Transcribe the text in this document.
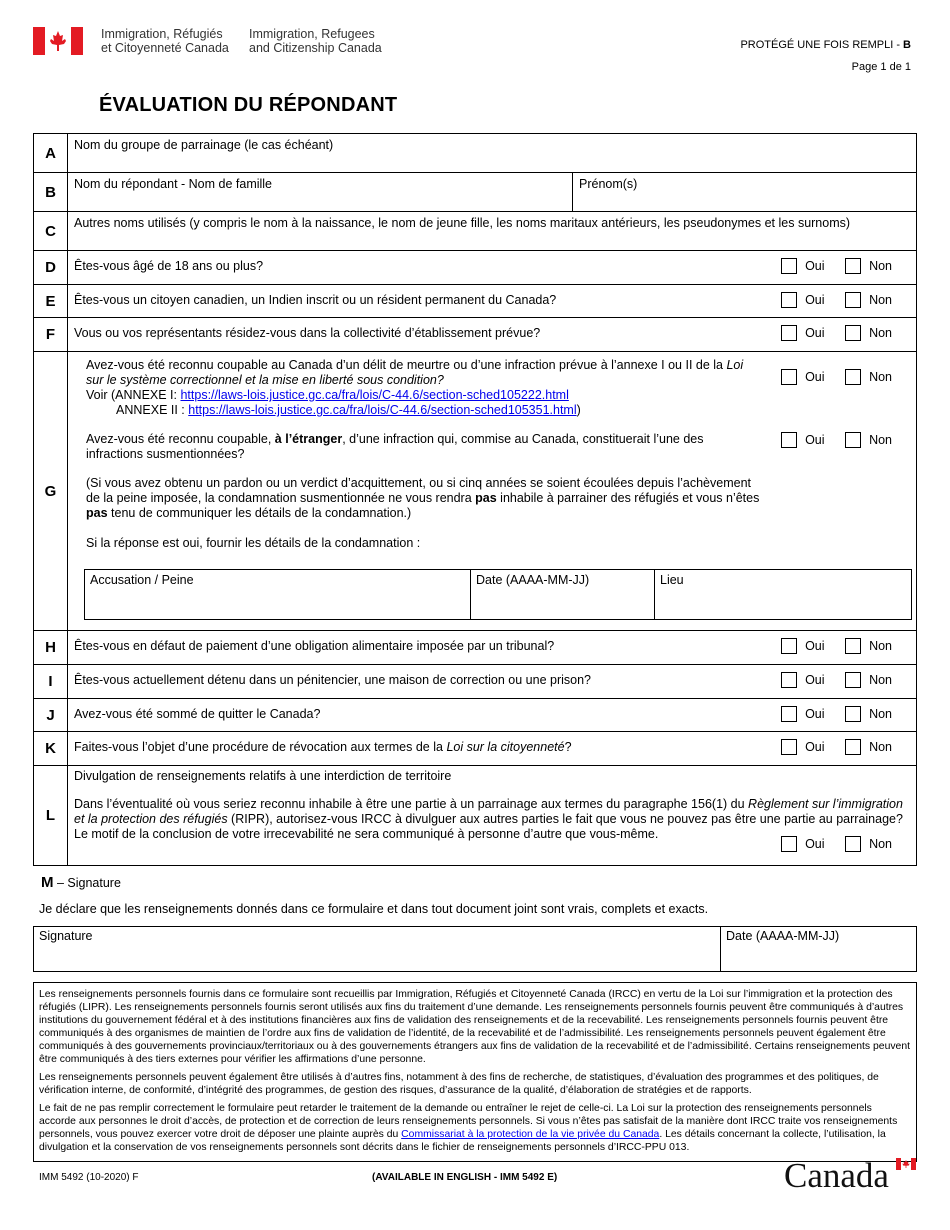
Immigration, Réfugiés
et Citoyenneté Canada
Immigration, Refugees
and Citizenship Canada	PROTÉGÉ UNE FOIS REMPLI - B
Page 1 de 1
ÉVALUATION DU RÉPONDANT
A	Nom du groupe de parrainage (le cas échéant)
B	Nom du répondant - Nom de famille	Prénom(s)
C	Autres noms utilisés (y compris le nom à la naissance, le nom de jeune fille, les noms maritaux antérieurs, les pseudonymes et les surnoms)
D	Êtes-vous âgé de 18 ans ou plus?	Oui	Non
E	Êtes-vous un citoyen canadien, un Indien inscrit ou un résident permanent du Canada?	Oui	Non
F	Vous ou vos représentants résidez-vous dans la collectivité d’établissement prévue?	Oui	Non
G
Avez-vous été reconnu coupable au Canada d’un délit de meurtre ou d’une infraction prévue à l’annexe I ou II de la Loi
sur le système correctionnel et la mise en liberté sous condition?
Voir (ANNEXE I: https://laws-lois.justice.gc.ca/fra/lois/C-44.6/section-sched105222.html
ANNEXE II : https://laws-lois.justice.gc.ca/fra/lois/C-44.6/section-sched105351.html)
Oui	Non
Avez-vous été reconnu coupable, à l’étranger, d’une infraction qui, commise au Canada, constituerait l’une des
infractions susmentionnées?
Oui	Non
(Si vous avez obtenu un pardon ou un verdict d’acquittement, ou si cinq années se soient écoulées depuis l’achèvement
de la peine imposée, la condamnation susmentionnée ne vous rendra pas inhabile à parrainer des réfugiés et vous n’êtes
pas tenu de communiquer les détails de la condamnation.)
Si la réponse est oui, fournir les détails de la condamnation :
Accusation / Peine	Date (AAAA-MM-JJ)	Lieu
H	Êtes-vous en défaut de paiement d’une obligation alimentaire imposée par un tribunal?	Oui	Non
I	Êtes-vous actuellement détenu dans un pénitencier, une maison de correction ou une prison?	Oui	Non
J	Avez-vous été sommé de quitter le Canada?	Oui	Non
K	Faites-vous l’objet d’une procédure de révocation aux termes de la Loi sur la citoyenneté?	Oui	Non
L
Divulgation de renseignements relatifs à une interdiction de territoire
Dans l’éventualité où vous seriez reconnu inhabile à être une partie à un parrainage aux termes du paragraphe 156(1) du Règlement sur l’immigration
et la protection des réfugiés (RIPR), autorisez-vous IRCC à divulguer aux autres parties le fait que vous ne pouvez pas être une partie au parrainage?
Le motif de la conclusion de votre irrecevabilité ne sera communiqué à personne d’autre que vous-même.
Oui	Non
M – Signature
Je déclare que les renseignements donnés dans ce formulaire et dans tout document joint sont vrais, complets et exacts.
Signature	Date (AAAA-MM-JJ)

Les renseignements personnels fournis dans ce formulaire sont recueillis par Immigration, Réfugiés et Citoyenneté Canada (IRCC) en vertu de la Loi sur l’immigration et la protection des réfugiés (LIPR). Les renseignements personnels fournis seront utilisés aux fins du traitement d’une demande. Les renseignements personnels fournis peuvent être communiqués à d’autres institutions du gouvernement fédéral et à des institutions financières aux fins de validation des renseignements et de la recevabilité. Les renseignements personnels fournis peuvent être communiqués à des organismes de maintien de l’ordre aux fins de validation de l’identité, de la recevabilité et de l’admissibilité. Les renseignements personnels peuvent également être communiqués à des gouvernements provinciaux/territoriaux ou à des gouvernements étrangers aux fins de validation de la recevabilité et de l’admissibilité. Certains renseignements peuvent être communiqués à des tiers externes pour vérifier les affirmations d’une personne.

Les renseignements personnels peuvent également être utilisés à d’autres fins, notamment à des fins de recherche, de statistiques, d’évaluation des programmes et des politiques, de vérification interne, de conformité, d’intégrité des programmes, de gestion des risques, d’assurance de la qualité, d’élaboration de stratégies et de rapports.

Le fait de ne pas remplir correctement le formulaire peut retarder le traitement de la demande ou entraîner le rejet de celle-ci. La Loi sur la protection des renseignements personnels accorde aux personnes le droit d’accès, de protection et de correction de leurs renseignements personnels. Si vous n’êtes pas satisfait de la manière dont IRCC traite vos renseignements personnels, vous pouvez exercer votre droit de déposer une plainte auprès du Commissariat à la protection de la vie privée du Canada. Les détails concernant la collecte, l’utilisation, la divulgation et la conservation de vos renseignements personnels sont décrits dans le fichier de renseignements personnels d’IRCC-PPU 013.

IMM 5492 (10-2020) F	(AVAILABLE IN ENGLISH - IMM 5492 E)	Canada
